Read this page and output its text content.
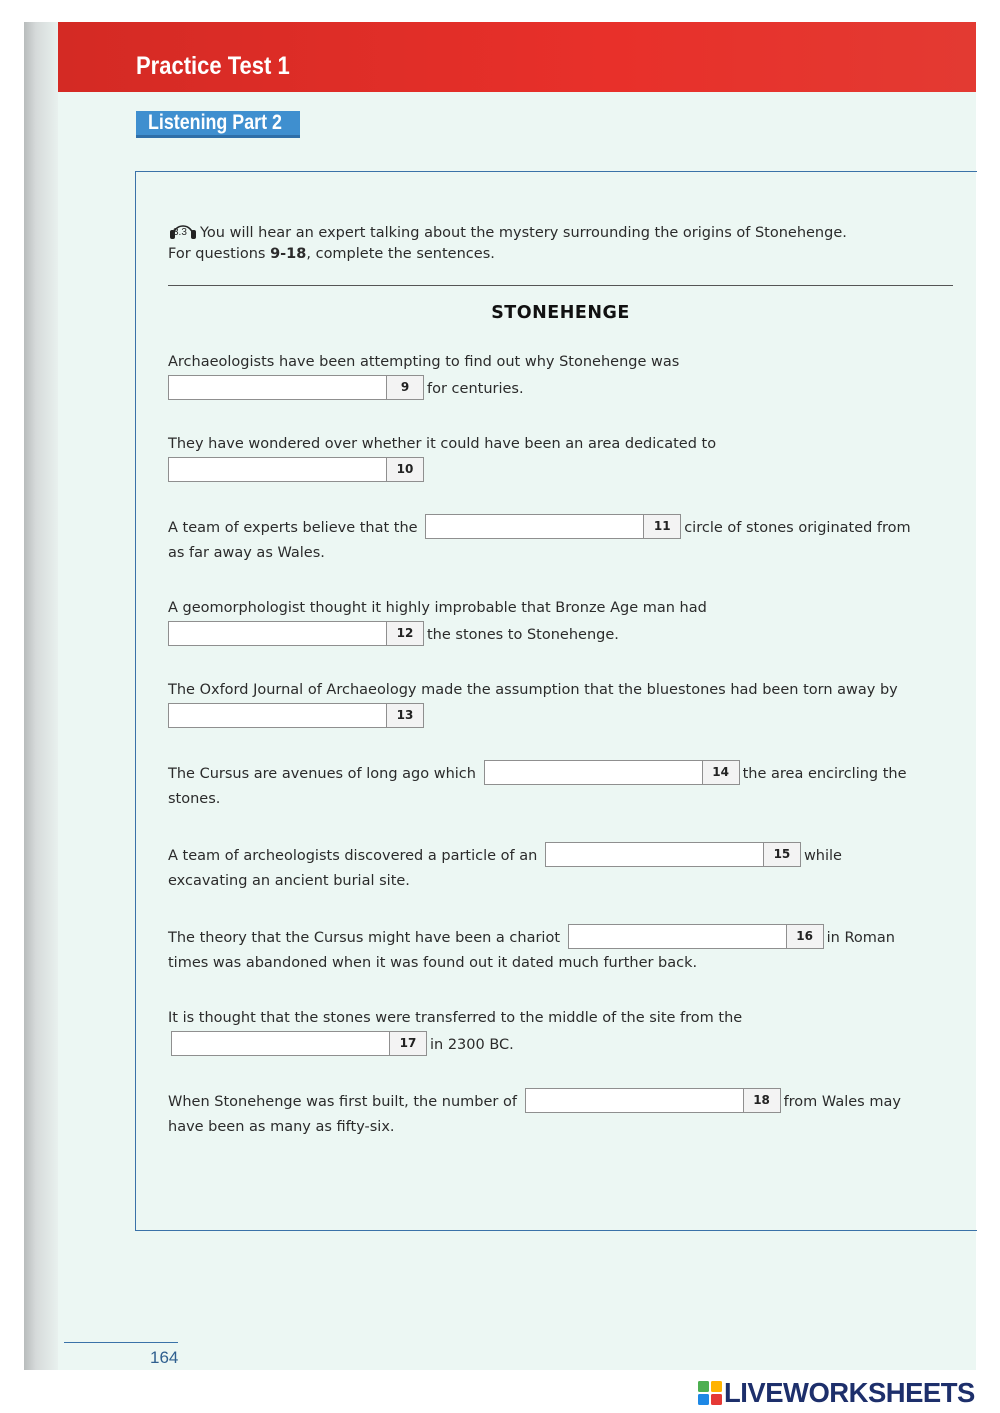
Practice Test 1
Listening Part 2
3.3 You will hear an expert talking about the mystery surrounding the origins of Stonehenge.
For questions 9-18, complete the sentences.
STONEHENGE
Archaeologists have been attempting to find out why Stonehenge was

9	for centuries.
They have wondered over whether it could have been an area dedicated to

10
A team of experts believe that the	11 circle of stones originated from
as far away as Wales.
A geomorphologist thought it highly improbable that Bronze Age man had

12 the stones to Stonehenge.
The Oxford Journal of Archaeology made the assumption that the bluestones had been torn away by

13
The Cursus are avenues of long ago which	14 the area encircling the
stones.
A team of archeologists discovered a particle of an	15 while
excavating an ancient burial site.
The theory that the Cursus might have been a chariot	16 in Roman
times was abandoned when it was found out it dated much further back.
It is thought that the stones were transferred to the middle of the site from the

17 in 2300 BC.
When Stonehenge was first built, the number of	18 from Wales may
have been as many as fifty-six.
164
LIVEWORKSHEETS
